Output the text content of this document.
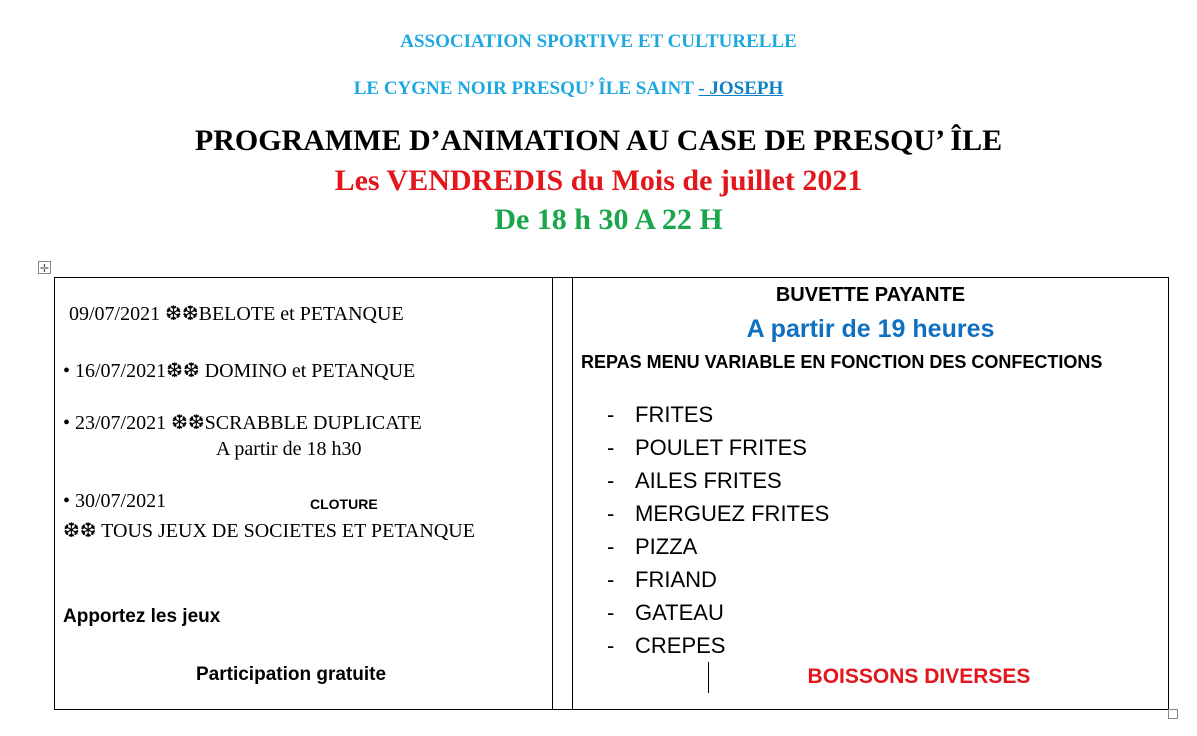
ASSOCIATION SPORTIVE ET CULTURELLE
LE CYGNE NOIR PRESQU’ ÎLE SAINT - JOSEPH
PROGRAMME D’ANIMATION AU CASE DE PRESQU’ ÎLE
Les VENDREDIS du Mois de juillet 2021
De 18 h 30 A 22 H
✛
09/07/2021 ❆❆BELOTE et PETANQUE
• 16/07/2021❆❆ DOMINO et PETANQUE
• 23/07/2021 ❆❆SCRABBLE DUPLICATE
A partir de 18 h30
• 30/07/2021	CLOTURE
❆❆ TOUS JEUX DE SOCIETES ET PETANQUE
Apportez les jeux
Participation gratuite
BUVETTE PAYANTE
A partir de 19 heures
REPAS MENU VARIABLE EN FONCTION DES CONFECTIONS
- FRITES
- POULET FRITES
- AILES FRITES
- MERGUEZ FRITES
- PIZZA
- FRIAND
- GATEAU
- CREPES
BOISSONS DIVERSES
